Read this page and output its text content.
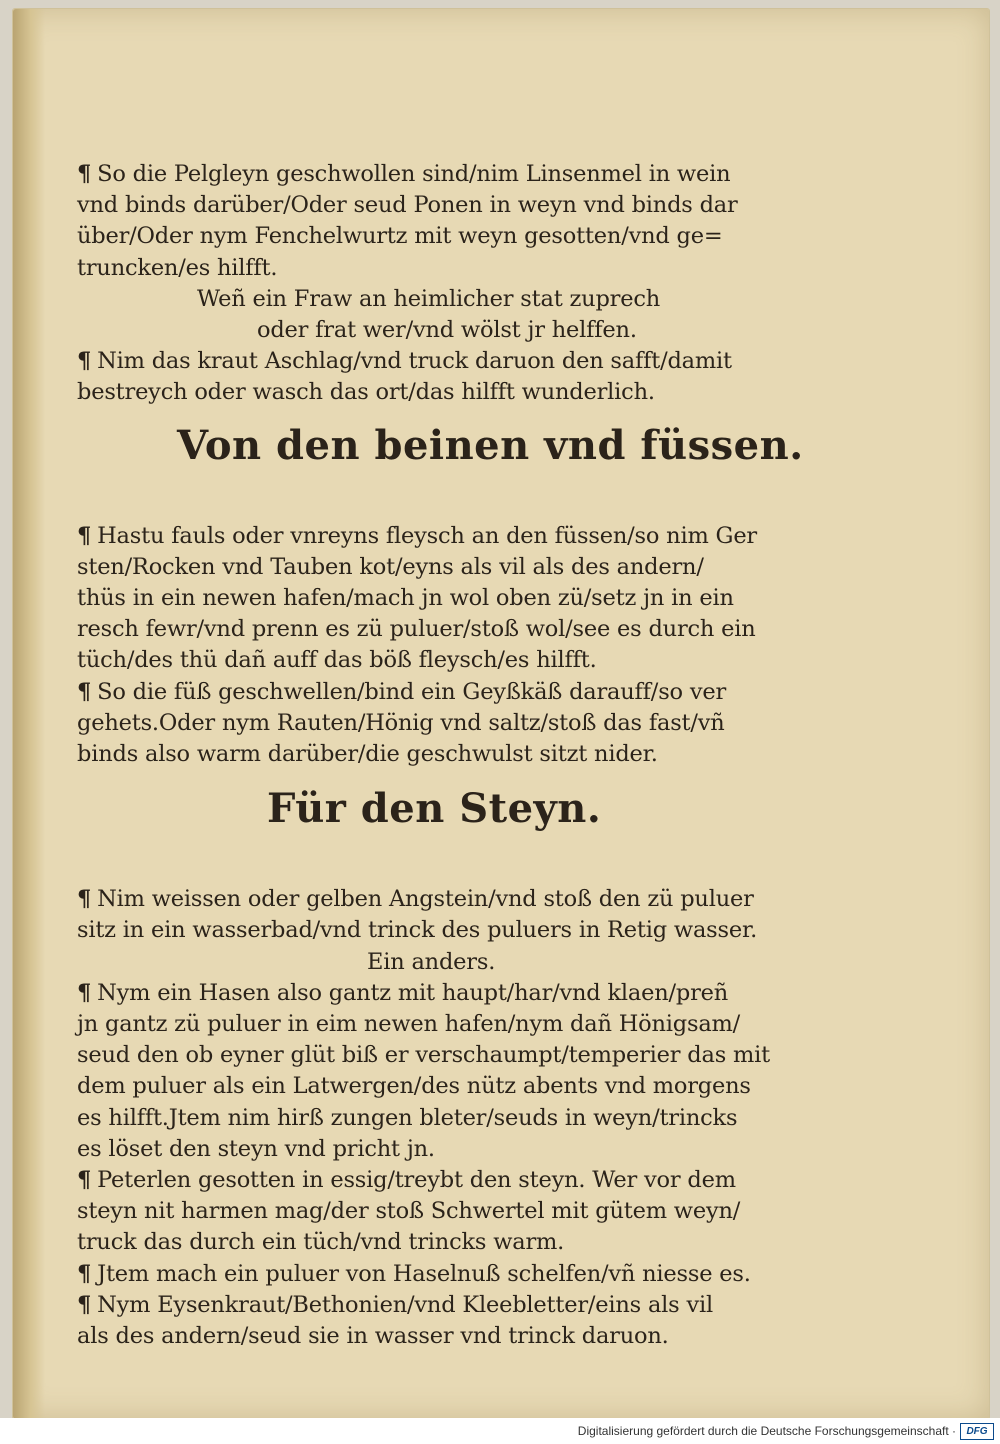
¶ So die Pelgleyn geschwollen sind/nim Linsenmel in wein

vnd binds darüber/Oder seud Ponen in weyn vnd binds dar

über/Oder nym Fenchelwurtz mit weyn gesotten/vnd ge=

truncken/es hilfft.

Weñ ein Fraw an heimlicher stat zuprech

oder frat wer/vnd wölst jr helffen.

¶ Nim das kraut Aschlag/vnd truck daruon den safft/damit

bestreych oder wasch das ort/das hilfft wunderlich.

Von den beinen vnd füssen.

¶ Hastu fauls oder vnreyns fleysch an den füssen/so nim Ger

sten/Rocken vnd Tauben kot/eyns als vil als des andern/

thüs in ein newen hafen/mach jn wol oben zü/setz jn in ein

resch fewr/vnd prenn es zü puluer/stoß wol/see es durch ein

tüch/des thü dañ auff das böß fleysch/es hilfft.

¶ So die füß geschwellen/bind ein Geyßkäß darauff/so ver

gehets.Oder nym Rauten/Hönig vnd saltz/stoß das fast/vñ

binds also warm darüber/die geschwulst sitzt nider.

Für den Steyn.

¶ Nim weissen oder gelben Angstein/vnd stoß den zü puluer

sitz in ein wasserbad/vnd trinck des puluers in Retig wasser.

Ein anders.

¶ Nym ein Hasen also gantz mit haupt/har/vnd klaen/preñ

jn gantz zü puluer in eim newen hafen/nym dañ Hönigsam/

seud den ob eyner glüt biß er verschaumpt/temperier das mit

dem puluer als ein Latwergen/des nütz abents vnd morgens

es hilfft.Jtem nim hirß zungen bleter/seuds in weyn/trincks

es löset den steyn vnd pricht jn.

¶ Peterlen gesotten in essig/treybt den steyn. Wer vor dem

steyn nit harmen mag/der stoß Schwertel mit gütem weyn/

truck das durch ein tüch/vnd trincks warm.

¶ Jtem mach ein puluer von Haselnuß schelfen/vñ niesse es.

¶ Nym Eysenkraut/Bethonien/vnd Kleebletter/eins als vil

als des andern/seud sie in wasser vnd trinck daruon.

Digitalisierung gefördert durch die Deutsche Forschungsgemeinschaft ·	DFG
